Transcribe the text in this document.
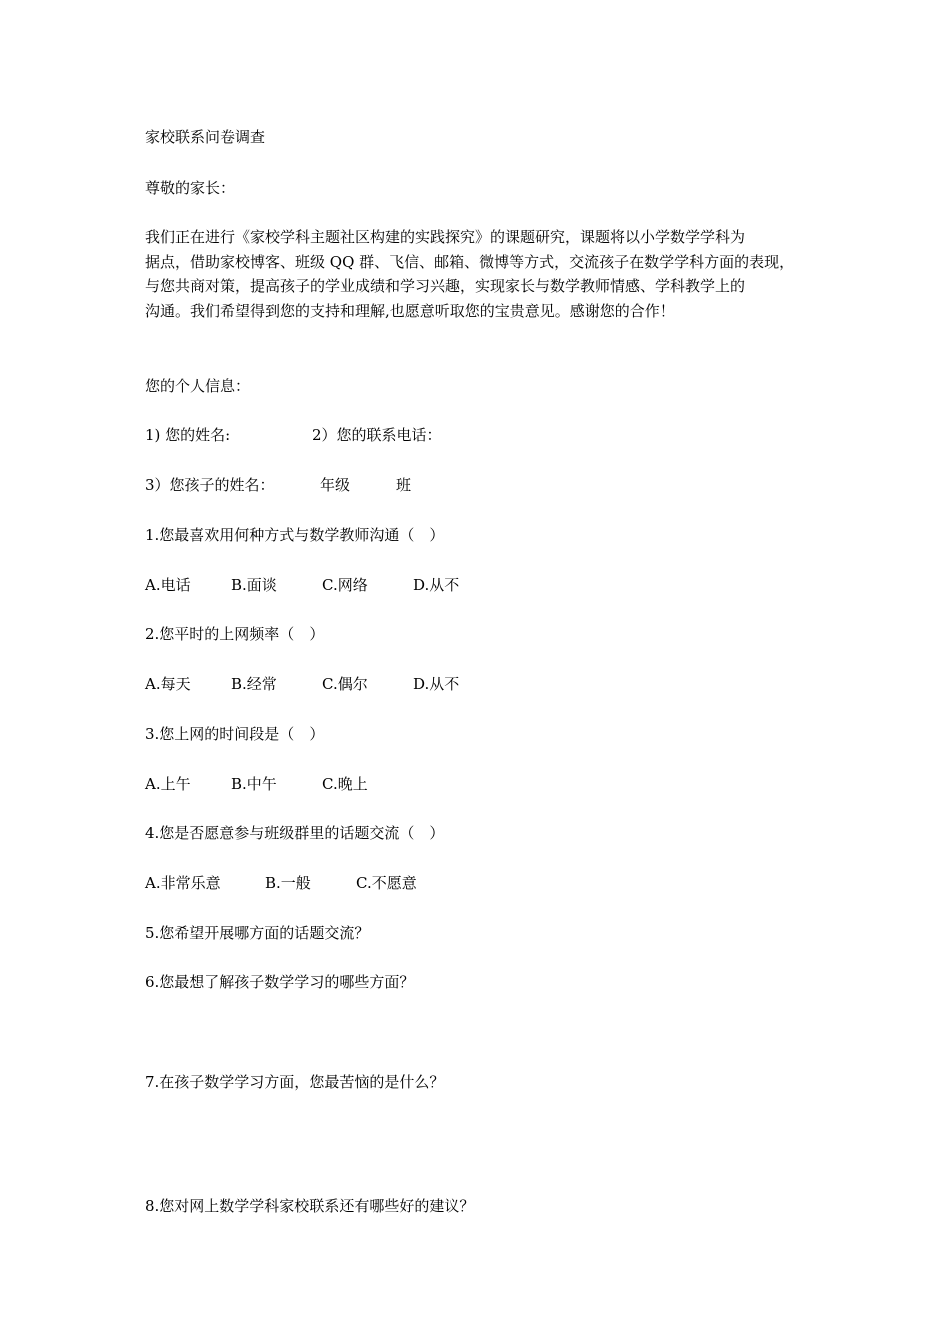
家校联系问卷调查
尊敬的家长：
我们正在进行《家校学科主题社区构建的实践探究》的课题研究，课题将以小学数学学科为
据点，借助家校博客、班级 QQ 群、飞信、邮箱、微博等方式，交流孩子在数学学科方面的表现，
与您共商对策，提高孩子的学业成绩和学习兴趣，实现家长与数学教师情感、学科教学上的
沟通。我们希望得到您的支持和理解,也愿意听取您的宝贵意见。感谢您的合作！
您的个人信息：
1) 您的姓名:	2）您的联系电话：
3）您孩子的姓名：	年级	班
1.您最喜欢用何种方式与数学教师沟通（　）
A.电话	B.面谈	C.网络	D.从不
2.您平时的上网频率（　）
A.每天	B.经常	C.偶尔	D.从不
3.您上网的时间段是（　）
A.上午	B.中午	C.晚上
4.您是否愿意参与班级群里的话题交流（　）
A.非常乐意	B.一般	C.不愿意
5.您希望开展哪方面的话题交流？
6.您最想了解孩子数学学习的哪些方面？
7.在孩子数学学习方面，您最苦恼的是什么？
8.您对网上数学学科家校联系还有哪些好的建议？
